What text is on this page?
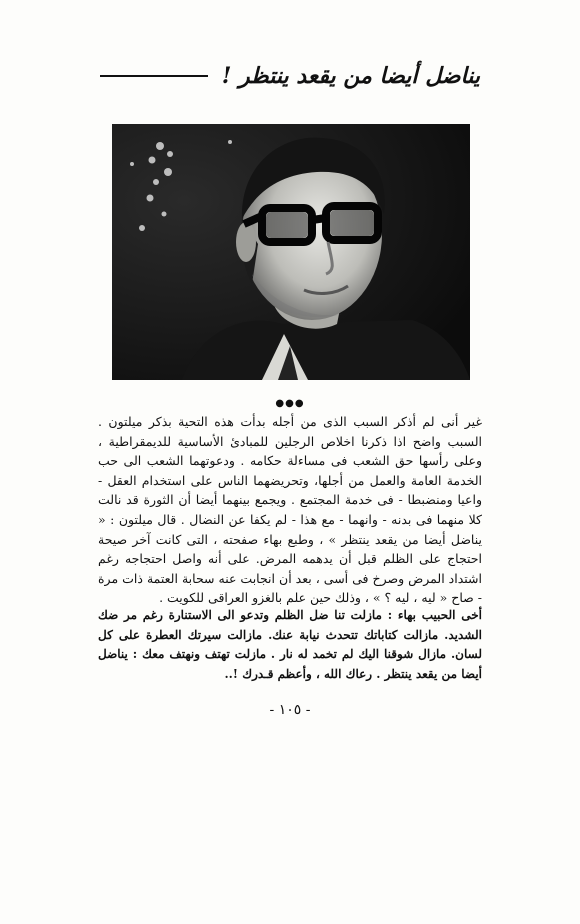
يناضل أيضا من يقعد ينتظر !
●●●

غير أنى لم أذكر السبب الذى من أجله بدأت هذه التحية بذكر ميلتون . السبب واضح اذا ذكرنا اخلاص الرجلين للمبادئ الأساسية للديمقراطية ، وعلى رأسها حق الشعب فى مساءلة حكامه . ودعوتهما الشعب الى حب الخدمة العامة والعمل من أجلها، وتحريضهما الناس على استخدام العقل - واعيا ومنضبطا - فى خدمة المجتمع . ويجمع بينهما أيضا أن الثورة قد نالت كلا منهما فى بدنه - وانهما - مع هذا - لم يكفا عن النضال . قال ميلتون : « يناضل أيضا من يقعد ينتظر » ، وطبع بهاء صفحته ، التى كانت آخر صيحة احتجاج على الظلم قبل أن يدهمه المرض. على أنه واصل احتجاجه رغم اشتداد المرض وصرخ فى أسى ، بعد أن انجابت عنه سحابة العتمة ذات مرة - صاح « ليه ، ليه ؟ » ، وذلك حين علم بالغزو العراقى للكويت .

أخى الحبيب بهاء : مازلت تنا ضل الظلم وتدعو الى الاستنارة رغم مر ضك الشديد. مازالت كتاباتك تتحدث نيابة عنك. مازالت سيرتك العطرة على كل لسان. مازال شوقنا اليك لم تخمد له نار . مازلت تهتف ونهتف معك : يناضل أيضا من يقعد ينتظر . رعاك الله ، وأعظم قـدرك !..

- ١٠٥ -
